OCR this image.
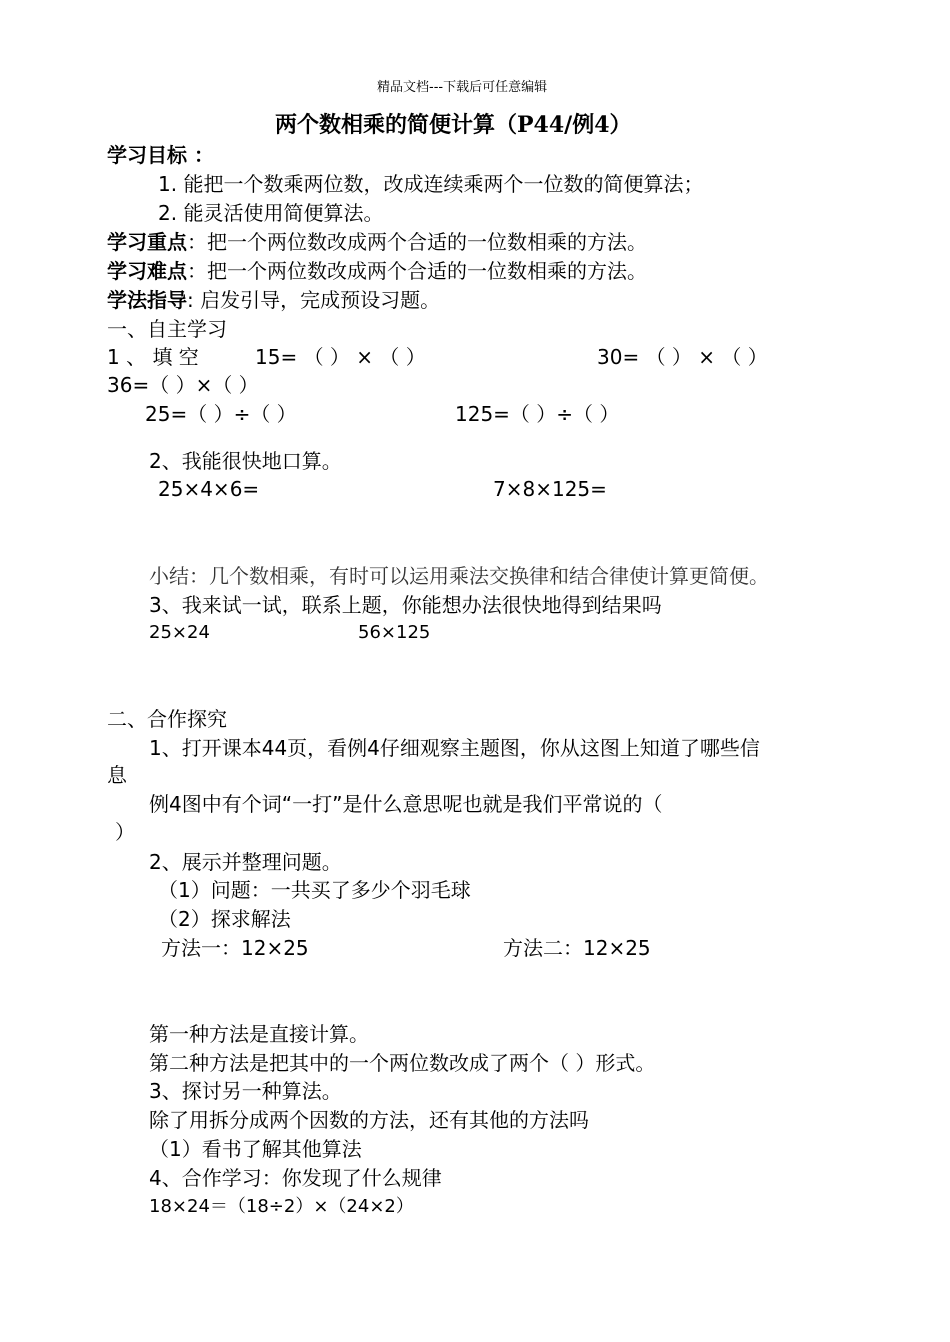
精品文档---下载后可任意编辑
两个数相乘的简便计算（P44/例4）
学习目标 ：
1. 能把一个数乘两位数，改成连续乘两个一位数的简便算法；
2. 能灵活使用简便算法。
学习重点：把一个两位数改成两个合适的一位数相乘的方法。
学习难点：把一个两位数改成两个合适的一位数相乘的方法。
学法指导: 启发引导，完成预设习题。
一、自主学习
1 、 填 空	15= （ ） × （ ）	30= （ ） × （ ）
36=（ ）×（ ）
25=（ ）÷（ ）	125=（ ）÷（ ）
2、我能很快地口算。
25×4×6=	7×8×125=
小结：几个数相乘，有时可以运用乘法交换律和结合律使计算更简便。
3、我来试一试，联系上题，你能想办法很快地得到结果吗
25×24	56×125
二、合作探究
1、打开课本44页，看例4仔细观察主题图，你从这图上知道了哪些信
息
例4图中有个词“一打”是什么意思呢也就是我们平常说的（
）
2、展示并整理问题。
（1）问题：一共买了多少个羽毛球
（2）探求解法
方法一：12×25	方法二：12×25
第一种方法是直接计算。
第二种方法是把其中的一个两位数改成了两个（ ）形式。
3、探讨另一种算法。
除了用拆分成两个因数的方法，还有其他的方法吗
（1）看书了解其他算法
4、合作学习：你发现了什么规律
18×24＝（18÷2）×（24×2）
